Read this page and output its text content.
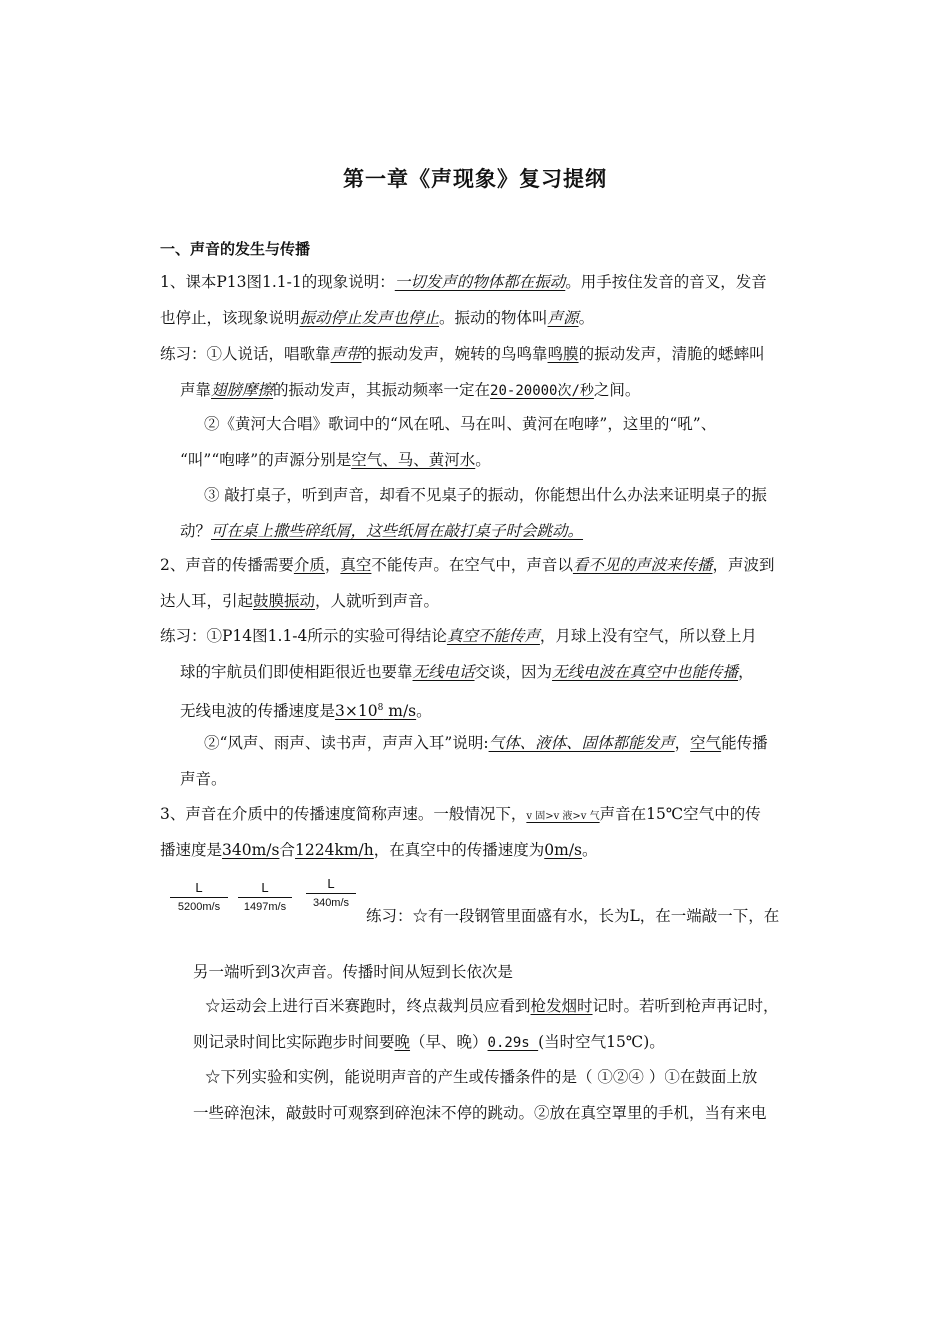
第一章《声现象》复习提纲
一、声音的发生与传播
1、课本P13图1.1-1的现象说明：一切发声的物体都在振动。用手按住发音的音叉，发音
也停止，该现象说明振动停止发声也停止。振动的物体叫声源。
练习：①人说话，唱歌靠声带的振动发声，婉转的鸟鸣靠鸣膜的振动发声，清脆的蟋蟀叫
声靠翅膀摩擦的振动发声，其振动频率一定在20-20000次/秒之间。
②《黄河大合唱》歌词中的“风在吼、马在叫、黄河在咆哮”，这里的“吼”、
“叫”“咆哮”的声源分别是空气、马、黄河水。
③ 敲打桌子，听到声音，却看不见桌子的振动，你能想出什么办法来证明桌子的振
动？可在桌上撒些碎纸屑，这些纸屑在敲打桌子时会跳动。
2、声音的传播需要介质，真空不能传声。在空气中，声音以看不见的声波来传播，声波到
达人耳，引起鼓膜振动，人就听到声音。
练习：①P14图1.1-4所示的实验可得结论真空不能传声，月球上没有空气，所以登上月
球的宇航员们即使相距很近也要靠无线电话交谈，因为无线电波在真空中也能传播，
无线电波的传播速度是$3\times 10^8$ m/s。
②“风声、雨声、读书声，声声入耳”说明:气体、液体、固体都能发声，空气能传播
声音。
3、声音在介质中的传播速度简称声速。一般情况下，v 固>v 液>v 气声音在15℃空气中的传
播速度是340m/s合1224km/h，在真空中的传播速度为0m/s。
L
5200m/s
L
1497m/s
L
340m/s
练习：☆有一段钢管里面盛有水，长为L，在一端敲一下，在
另一端听到3次声音。传播时间从短到长依次是
☆运动会上进行百米赛跑时，终点裁判员应看到枪发烟时记时。若听到枪声再记时，
则记录时间比实际跑步时间要晚（早、晚）0.29s (当时空气15℃)。
☆下列实验和实例，能说明声音的产生或传播条件的是（ ①②④ ）①在鼓面上放
一些碎泡沫，敲鼓时可观察到碎泡沫不停的跳动。②放在真空罩里的手机，当有来电
